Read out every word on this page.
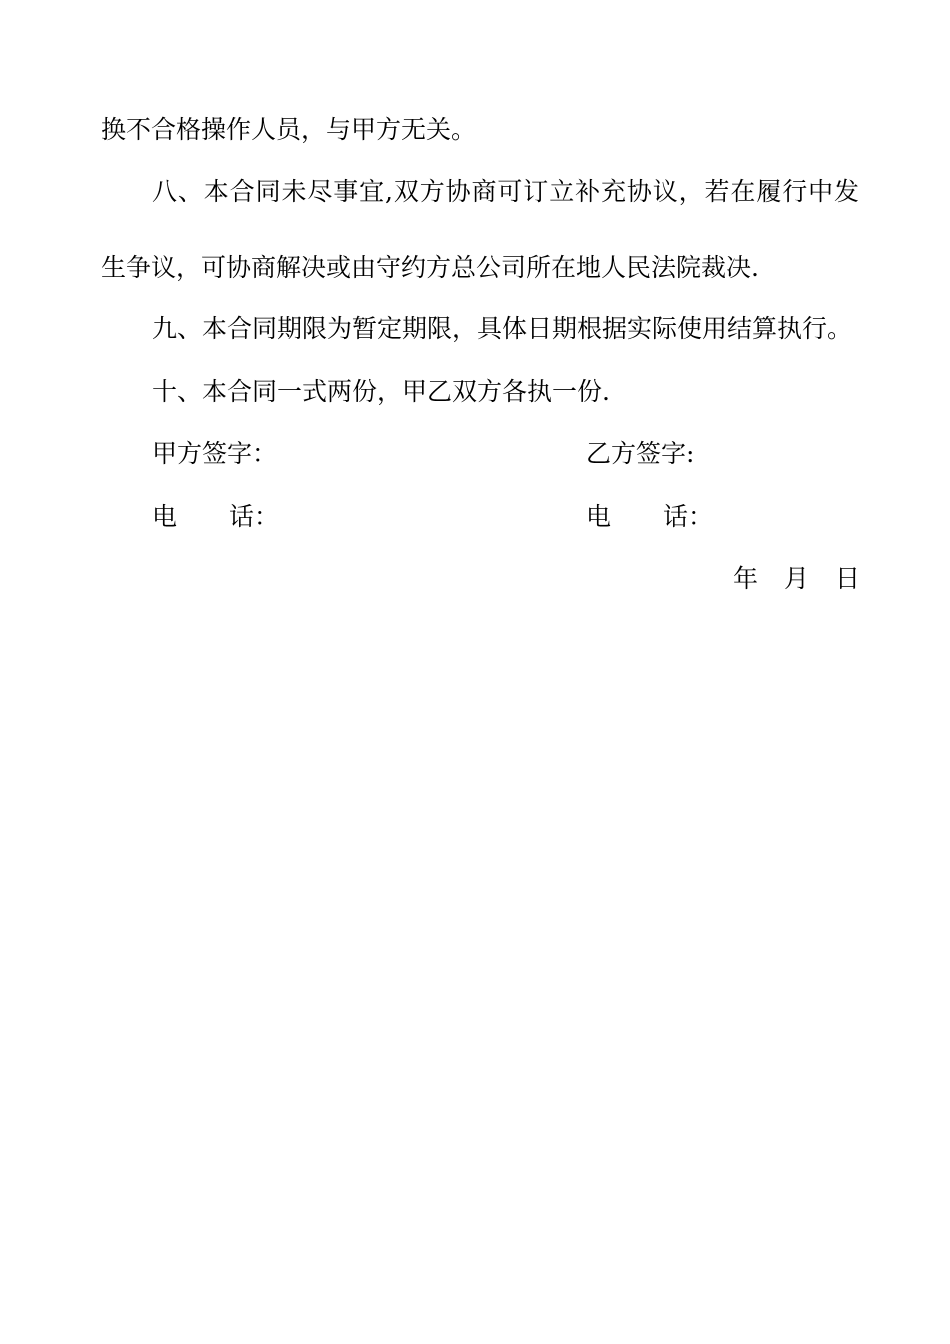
换不合格操作人员，与甲方无关。

八、本合同未尽事宜,双方协商可订立补充协议，若在履行中发

生争议，可协商解决或由守约方总公司所在地人民法院裁决.

九、本合同期限为暂定期限，具体日期根据实际使用结算执行。

十、本合同一式两份，甲乙双方各执一份.

甲方签字：	乙方签字:
电 话：	电 话：
年 月 日
